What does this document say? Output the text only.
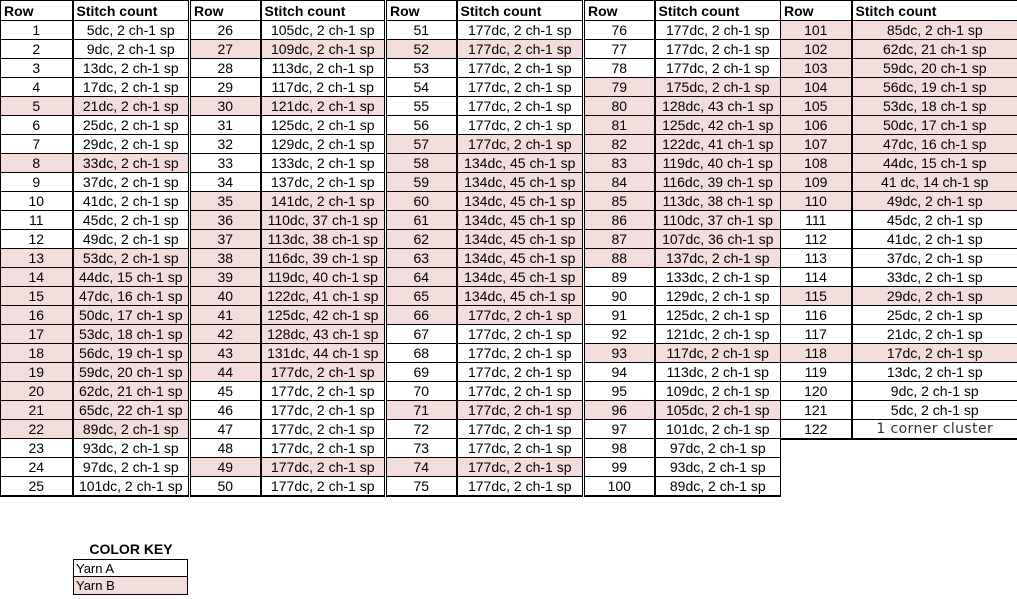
Row	Stitch count
1	5dc, 2 ch-1 sp
2	9dc, 2 ch-1 sp
3	13dc, 2 ch-1 sp
4	17dc, 2 ch-1 sp
5	21dc, 2 ch-1 sp
6	25dc, 2 ch-1 sp
7	29dc, 2 ch-1 sp
8	33dc, 2 ch-1 sp
9	37dc, 2 ch-1 sp
10	41dc, 2 ch-1 sp
11	45dc, 2 ch-1 sp
12	49dc, 2 ch-1 sp
13	53dc, 2 ch-1 sp
14	44dc, 15 ch-1 sp
15	47dc, 16 ch-1 sp
16	50dc, 17 ch-1 sp
17	53dc, 18 ch-1 sp
18	56dc, 19 ch-1 sp
19	59dc, 20 ch-1 sp
20	62dc, 21 ch-1 sp
21	65dc, 22 ch-1 sp
22	89dc, 2 ch-1 sp
23	93dc, 2 ch-1 sp
24	97dc, 2 ch-1 sp
25	101dc, 2 ch-1 sp
Row	Stitch count
26	105dc, 2 ch-1 sp
27	109dc, 2 ch-1 sp
28	113dc, 2 ch-1 sp
29	117dc, 2 ch-1 sp
30	121dc, 2 ch-1 sp
31	125dc, 2 ch-1 sp
32	129dc, 2 ch-1 sp
33	133dc, 2 ch-1 sp
34	137dc, 2 ch-1 sp
35	141dc, 2 ch-1 sp
36	110dc, 37 ch-1 sp
37	113dc, 38 ch-1 sp
38	116dc, 39 ch-1 sp
39	119dc, 40 ch-1 sp
40	122dc, 41 ch-1 sp
41	125dc, 42 ch-1 sp
42	128dc, 43 ch-1 sp
43	131dc, 44 ch-1 sp
44	177dc, 2 ch-1 sp
45	177dc, 2 ch-1 sp
46	177dc, 2 ch-1 sp
47	177dc, 2 ch-1 sp
48	177dc, 2 ch-1 sp
49	177dc, 2 ch-1 sp
50	177dc, 2 ch-1 sp
Row	Stitch count
51	177dc, 2 ch-1 sp
52	177dc, 2 ch-1 sp
53	177dc, 2 ch-1 sp
54	177dc, 2 ch-1 sp
55	177dc, 2 ch-1 sp
56	177dc, 2 ch-1 sp
57	177dc, 2 ch-1 sp
58	134dc, 45 ch-1 sp
59	134dc, 45 ch-1 sp
60	134dc, 45 ch-1 sp
61	134dc, 45 ch-1 sp
62	134dc, 45 ch-1 sp
63	134dc, 45 ch-1 sp
64	134dc, 45 ch-1 sp
65	134dc, 45 ch-1 sp
66	177dc, 2 ch-1 sp
67	177dc, 2 ch-1 sp
68	177dc, 2 ch-1 sp
69	177dc, 2 ch-1 sp
70	177dc, 2 ch-1 sp
71	177dc, 2 ch-1 sp
72	177dc, 2 ch-1 sp
73	177dc, 2 ch-1 sp
74	177dc, 2 ch-1 sp
75	177dc, 2 ch-1 sp
Row	Stitch count
76	177dc, 2 ch-1 sp
77	177dc, 2 ch-1 sp
78	177dc, 2 ch-1 sp
79	175dc, 2 ch-1 sp
80	128dc, 43 ch-1 sp
81	125dc, 42 ch-1 sp
82	122dc, 41 ch-1 sp
83	119dc, 40 ch-1 sp
84	116dc, 39 ch-1 sp
85	113dc, 38 ch-1 sp
86	110dc, 37 ch-1 sp
87	107dc, 36 ch-1 sp
88	137dc, 2 ch-1 sp
89	133dc, 2 ch-1 sp
90	129dc, 2 ch-1 sp
91	125dc, 2 ch-1 sp
92	121dc, 2 ch-1 sp
93	117dc, 2 ch-1 sp
94	113dc, 2 ch-1 sp
95	109dc, 2 ch-1 sp
96	105dc, 2 ch-1 sp
97	101dc, 2 ch-1 sp
98	97dc, 2 ch-1 sp
99	93dc, 2 ch-1 sp
100	89dc, 2 ch-1 sp
Row	Stitch count
101	85dc, 2 ch-1 sp
102	62dc, 21 ch-1 sp
103	59dc, 20 ch-1 sp
104	56dc, 19 ch-1 sp
105	53dc, 18 ch-1 sp
106	50dc, 17 ch-1 sp
107	47dc, 16 ch-1 sp
108	44dc, 15 ch-1 sp
109	41 dc, 14 ch-1 sp
110	49dc, 2 ch-1 sp
111	45dc, 2 ch-1 sp
112	41dc, 2 ch-1 sp
113	37dc, 2 ch-1 sp
114	33dc, 2 ch-1 sp
115	29dc, 2 ch-1 sp
116	25dc, 2 ch-1 sp
117	21dc, 2 ch-1 sp
118	17dc, 2 ch-1 sp
119	13dc, 2 ch-1 sp
120	9dc, 2 ch-1 sp
121	5dc, 2 ch-1 sp
122	1 corner cluster
COLOR KEY
Yarn A
Yarn B
